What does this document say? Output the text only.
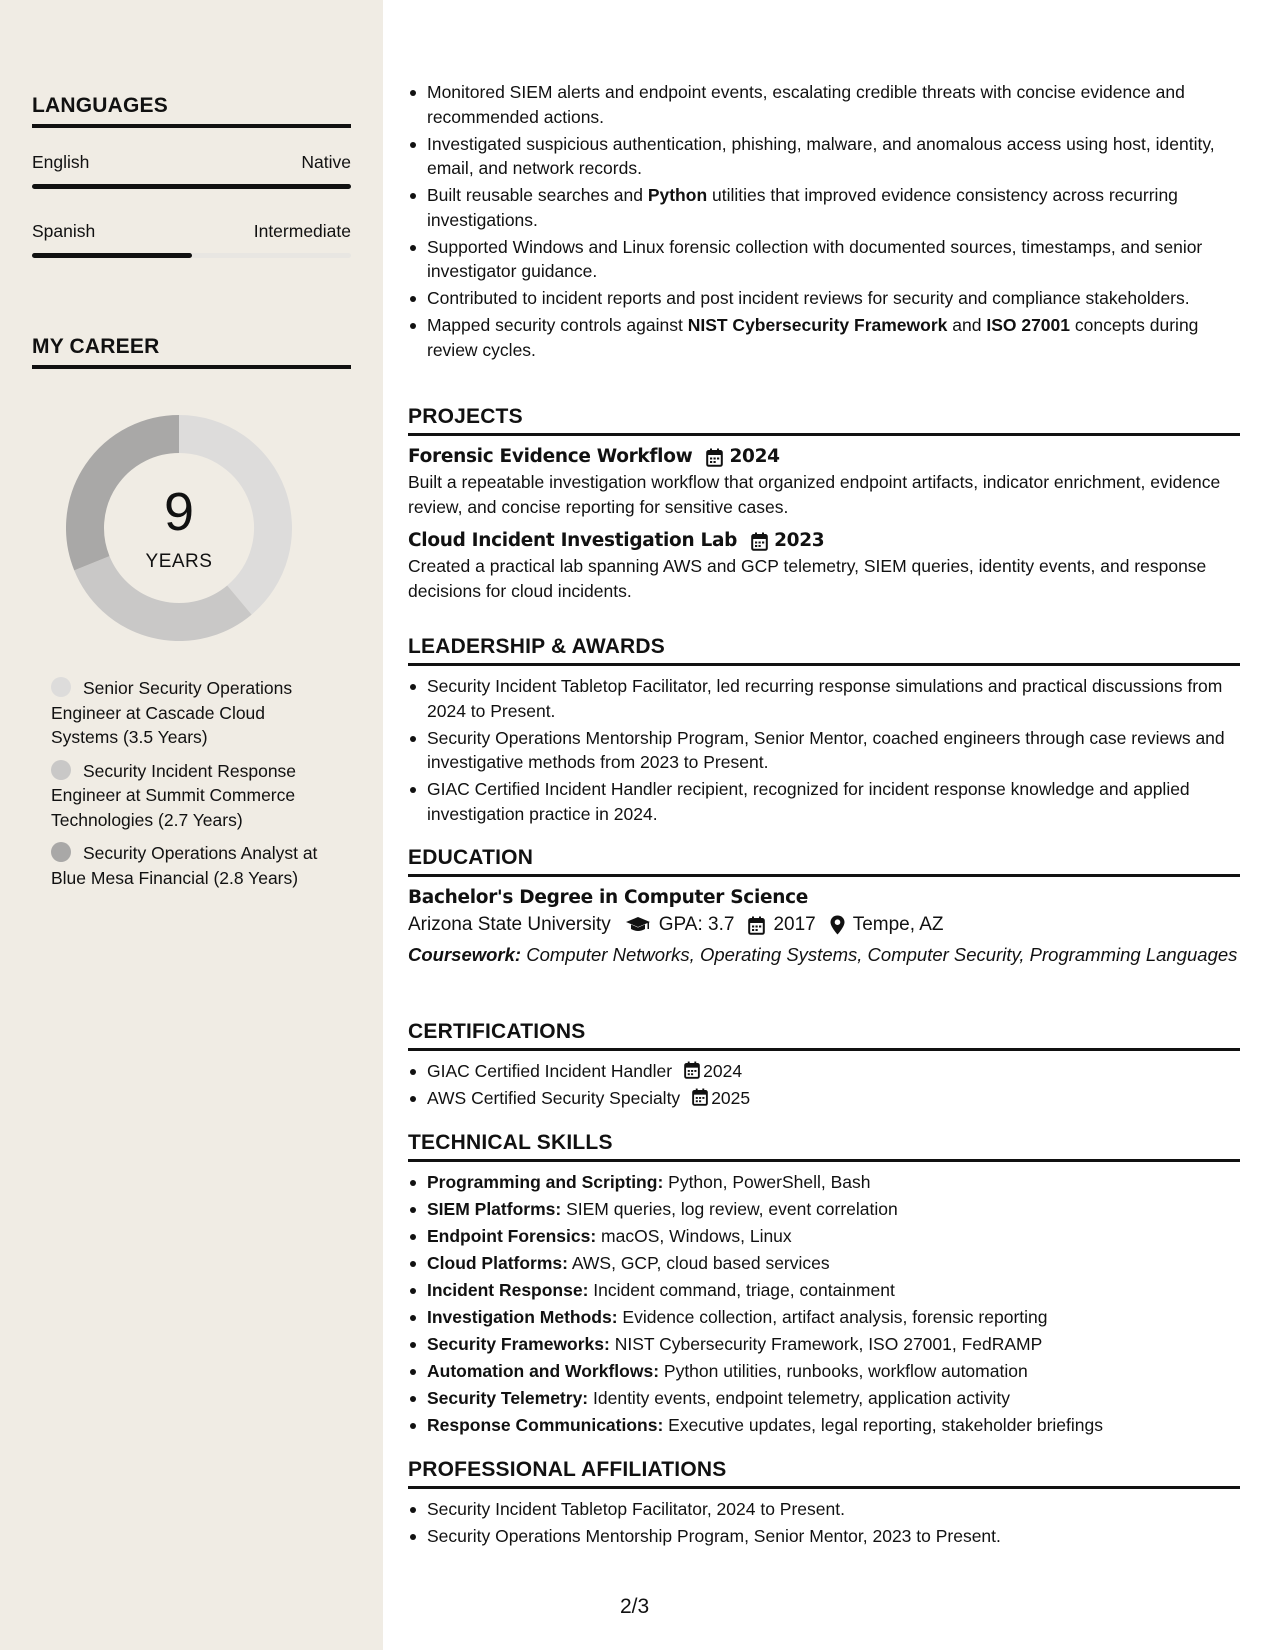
LANGUAGES
English	Native
Spanish	Intermediate
MY CAREER
9
YEARS
Senior Security Operations Engineer at Cascade Cloud Systems (3.5 Years)
Security Incident Response Engineer at Summit Commerce Technologies (2.7 Years)
Security Operations Analyst at Blue Mesa Financial (2.8 Years)
Monitored SIEM alerts and endpoint events, escalating credible threats with concise evidence and recommended actions.
Investigated suspicious authentication, phishing, malware, and anomalous access using host, identity, email, and network records.
Built reusable searches and Python utilities that improved evidence consistency across recurring investigations.
Supported Windows and Linux forensic collection with documented sources, timestamps, and senior investigator guidance.
Contributed to incident reports and post incident reviews for security and compliance stakeholders.
Mapped security controls against NIST Cybersecurity Framework and ISO 27001 concepts during review cycles.
PROJECTS
Forensic Evidence Workflow 2024
Built a repeatable investigation workflow that organized endpoint artifacts, indicator enrichment, evidence review, and concise reporting for sensitive cases.
Cloud Incident Investigation Lab 2023
Created a practical lab spanning AWS and GCP telemetry, SIEM queries, identity events, and response decisions for cloud incidents.
LEADERSHIP & AWARDS
Security Incident Tabletop Facilitator, led recurring response simulations and practical discussions from 2024 to Present.
Security Operations Mentorship Program, Senior Mentor, coached engineers through case reviews and investigative methods from 2023 to Present.
GIAC Certified Incident Handler recipient, recognized for incident response knowledge and applied investigation practice in 2024.
EDUCATION
Bachelor's Degree in Computer Science
Arizona State University	GPA: 3.7 2017 Tempe, AZ
Coursework: Computer Networks, Operating Systems, Computer Security, Programming Languages
CERTIFICATIONS
GIAC Certified Incident Handler 2024
AWS Certified Security Specialty 2025
TECHNICAL SKILLS
Programming and Scripting: Python, PowerShell, Bash
SIEM Platforms: SIEM queries, log review, event correlation
Endpoint Forensics: macOS, Windows, Linux
Cloud Platforms: AWS, GCP, cloud based services
Incident Response: Incident command, triage, containment
Investigation Methods: Evidence collection, artifact analysis, forensic reporting
Security Frameworks: NIST Cybersecurity Framework, ISO 27001, FedRAMP
Automation and Workflows: Python utilities, runbooks, workflow automation
Security Telemetry: Identity events, endpoint telemetry, application activity
Response Communications: Executive updates, legal reporting, stakeholder briefings
PROFESSIONAL AFFILIATIONS
Security Incident Tabletop Facilitator, 2024 to Present.
Security Operations Mentorship Program, Senior Mentor, 2023 to Present.
2/3
